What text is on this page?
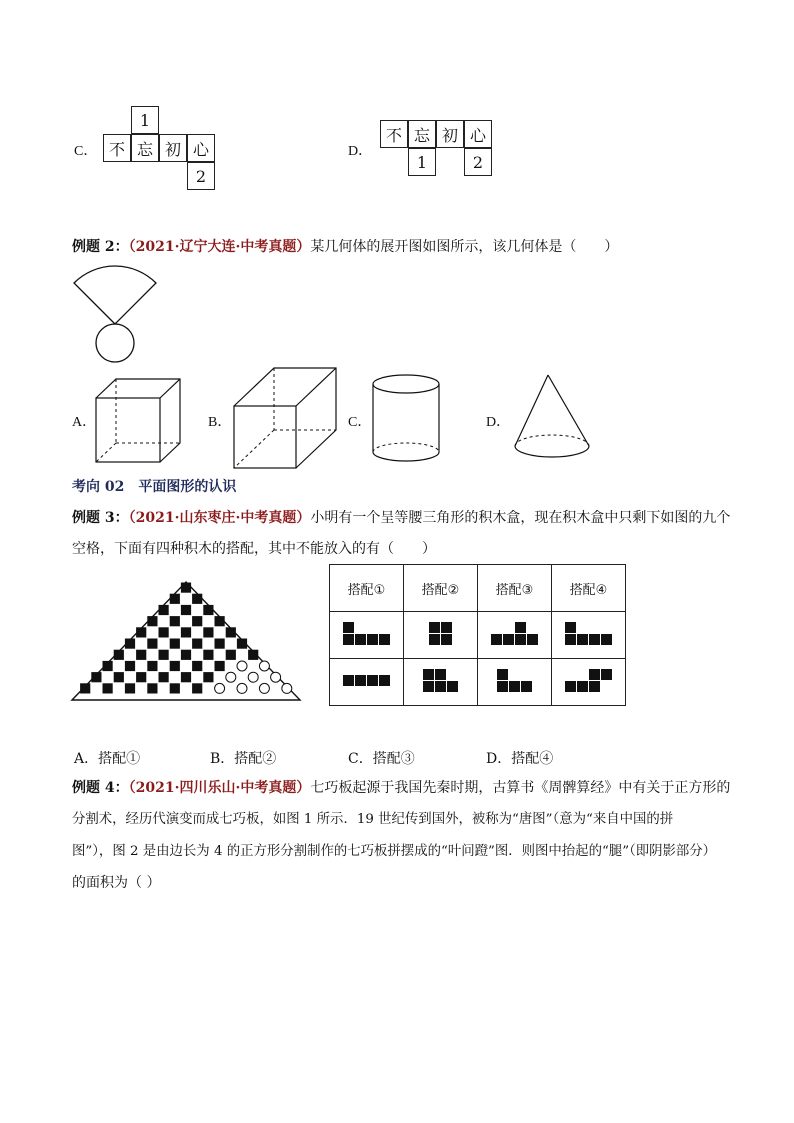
C．
1
不 忘 初 心
2
D．
不 忘 初 心
1	2
例题 2：（2021·辽宁大连·中考真题）某几何体的展开图如图所示，该几何体是（　　）
A．	B．	C．	D．
考向 02　平面图形的认识
例题 3：（2021·山东枣庄·中考真题）小明有一个呈等腰三角形的积木盒，现在积木盒中只剩下如图的九个
空格，下面有四种积木的搭配，其中不能放入的有（　　）
搭配①	搭配②	搭配③	搭配④

A．搭配①	B．搭配②	C．搭配③	D．搭配④
例题 4：（2021·四川乐山·中考真题）七巧板起源于我国先秦时期，古算书《周髀算经》中有关于正方形的
分割术，经历代演变而成七巧板，如图 1 所示．19 世纪传到国外，被称为“唐图”（意为“来自中国的拼
图”），图 2 是由边长为 4 的正方形分割制作的七巧板拼摆成的“叶问蹬”图．则图中抬起的“腿”（即阴影部分）
的面积为（ ）
